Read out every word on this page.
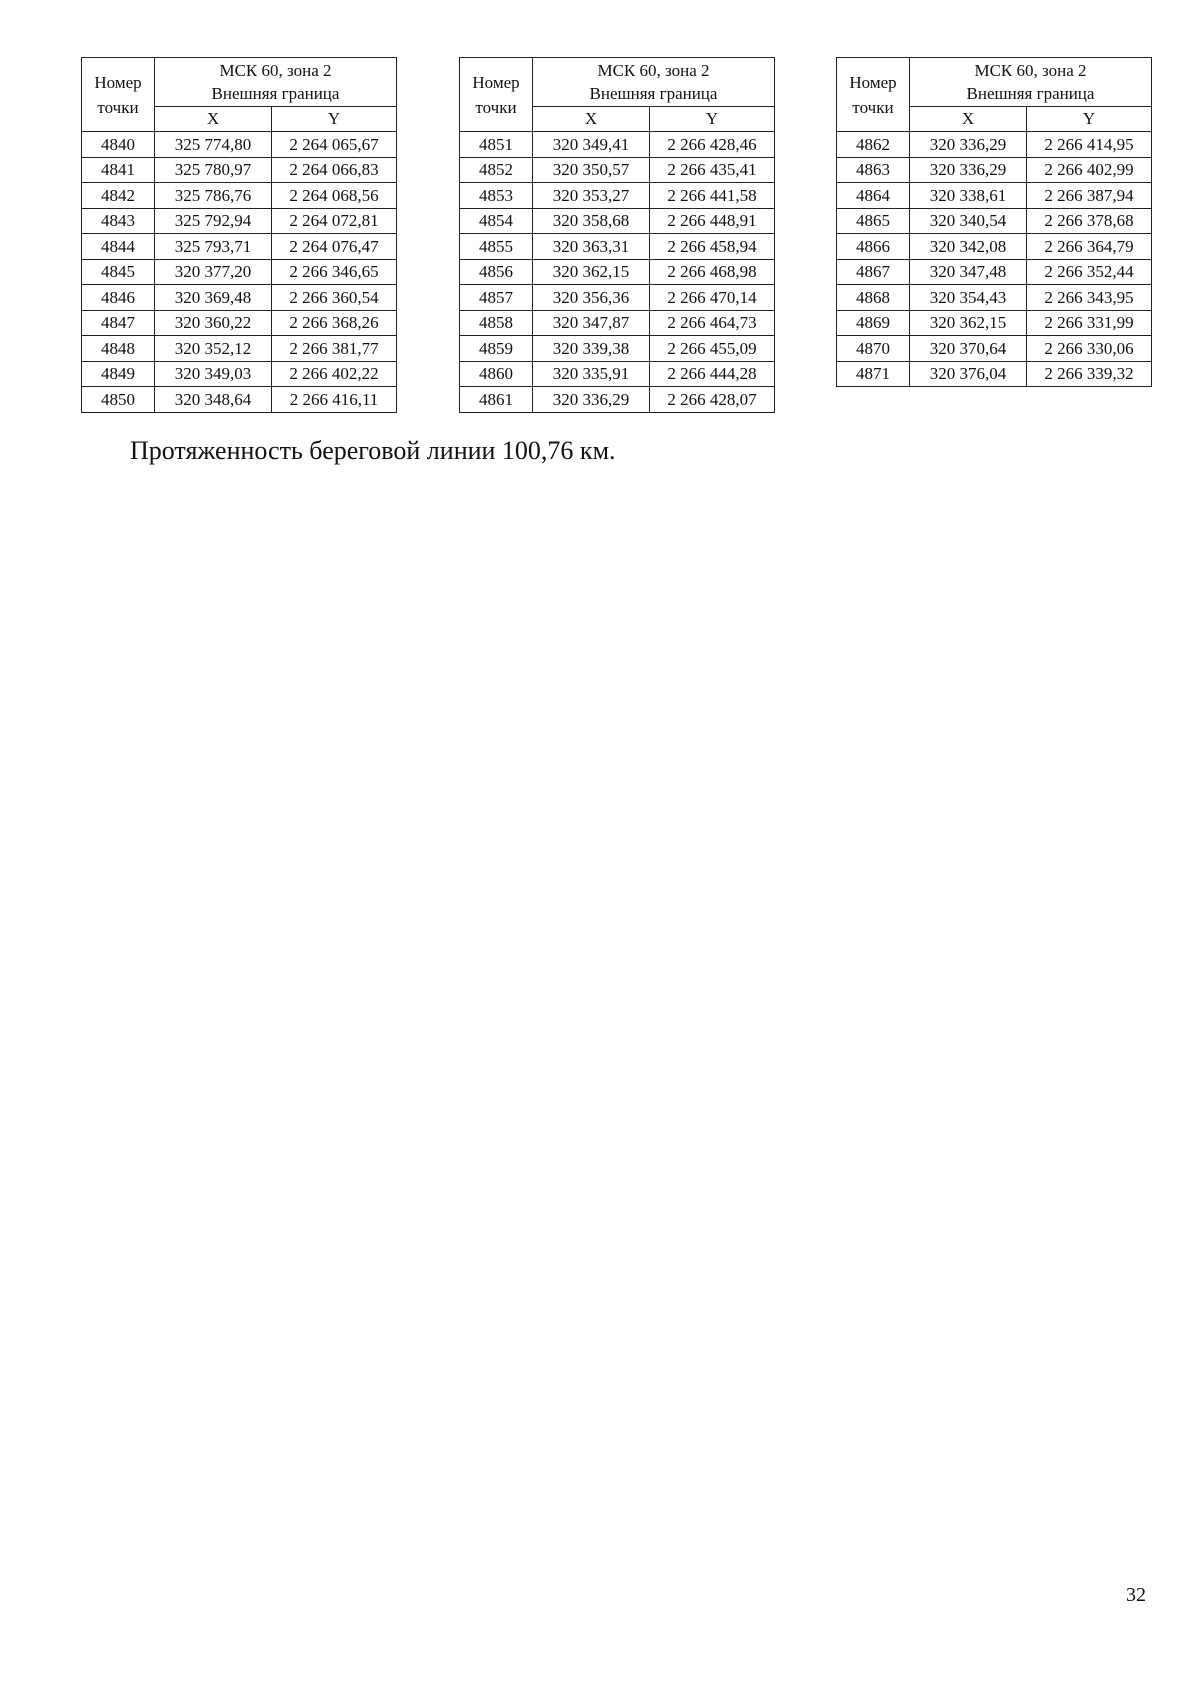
Номер точки	МСК 60, зона 2
Внешняя граница	

	X	Y
4840	325 774,80	2 264 065,67
4841	325 780,97	2 264 066,83
4842	325 786,76	2 264 068,56
4843	325 792,94	2 264 072,81
4844	325 793,71	2 264 076,47
4845	320 377,20	2 266 346,65
4846	320 369,48	2 266 360,54
4847	320 360,22	2 266 368,26
4848	320 352,12	2 266 381,77
4849	320 349,03	2 266 402,22
4850	320 348,64	2 266 416,11
Номер точки	МСК 60, зона 2
Внешняя граница	

	X	Y
4851	320 349,41	2 266 428,46
4852	320 350,57	2 266 435,41
4853	320 353,27	2 266 441,58
4854	320 358,68	2 266 448,91
4855	320 363,31	2 266 458,94
4856	320 362,15	2 266 468,98
4857	320 356,36	2 266 470,14
4858	320 347,87	2 266 464,73
4859	320 339,38	2 266 455,09
4860	320 335,91	2 266 444,28
4861	320 336,29	2 266 428,07
Номер точки	МСК 60, зона 2
Внешняя граница	

	X	Y
4862	320 336,29	2 266 414,95
4863	320 336,29	2 266 402,99
4864	320 338,61	2 266 387,94
4865	320 340,54	2 266 378,68
4866	320 342,08	2 266 364,79
4867	320 347,48	2 266 352,44
4868	320 354,43	2 266 343,95
4869	320 362,15	2 266 331,99
4870	320 370,64	2 266 330,06
4871	320 376,04	2 266 339,32

Протяженность береговой линии 100,76 км.

32
